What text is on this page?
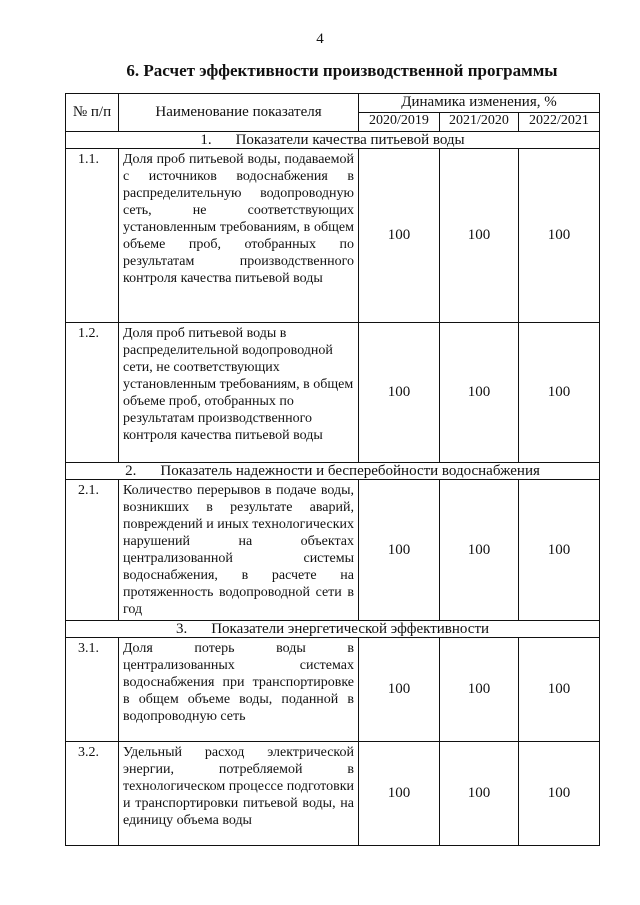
4
6. Расчет эффективности производственной программы
№ п/п	Наименование показателя	Динамика изменения, %		
		2020/2019	2021/2020	2022/2021
1. Показатели качества питьевой воды				
1.1.	Доля проб питьевой воды, подаваемой с источников водоснабжения в распределительную водопроводную сеть, не соответствующих установленным требованиям, в общем объеме проб, отобранных по результатам производственного контроля качества питьевой воды	100	100	100
1.2.	Доля проб питьевой воды в распределительной водопроводной сети, не соответствующих установленным требованиям, в общем объеме проб, отобранных по результатам производственного контроля качества питьевой воды	100	100	100
2. Показатель надежности и бесперебойности водоснабжения				
2.1.	Количество перерывов в подаче воды, возникших в результате аварий, повреждений и иных технологических нарушений на объектах централизованной системы водоснабжения, в расчете на протяженность водопроводной сети в год	100	100	100
3. Показатели энергетической эффективности				
3.1.	Доля потерь воды в централизованных системах водоснабжения при транспортировке в общем объеме воды, поданной в водопроводную сеть	100	100	100
3.2.	Удельный расход электрической энергии, потребляемой в технологическом процессе подготовки и транспортировки питьевой воды, на единицу объема воды	100	100	100
